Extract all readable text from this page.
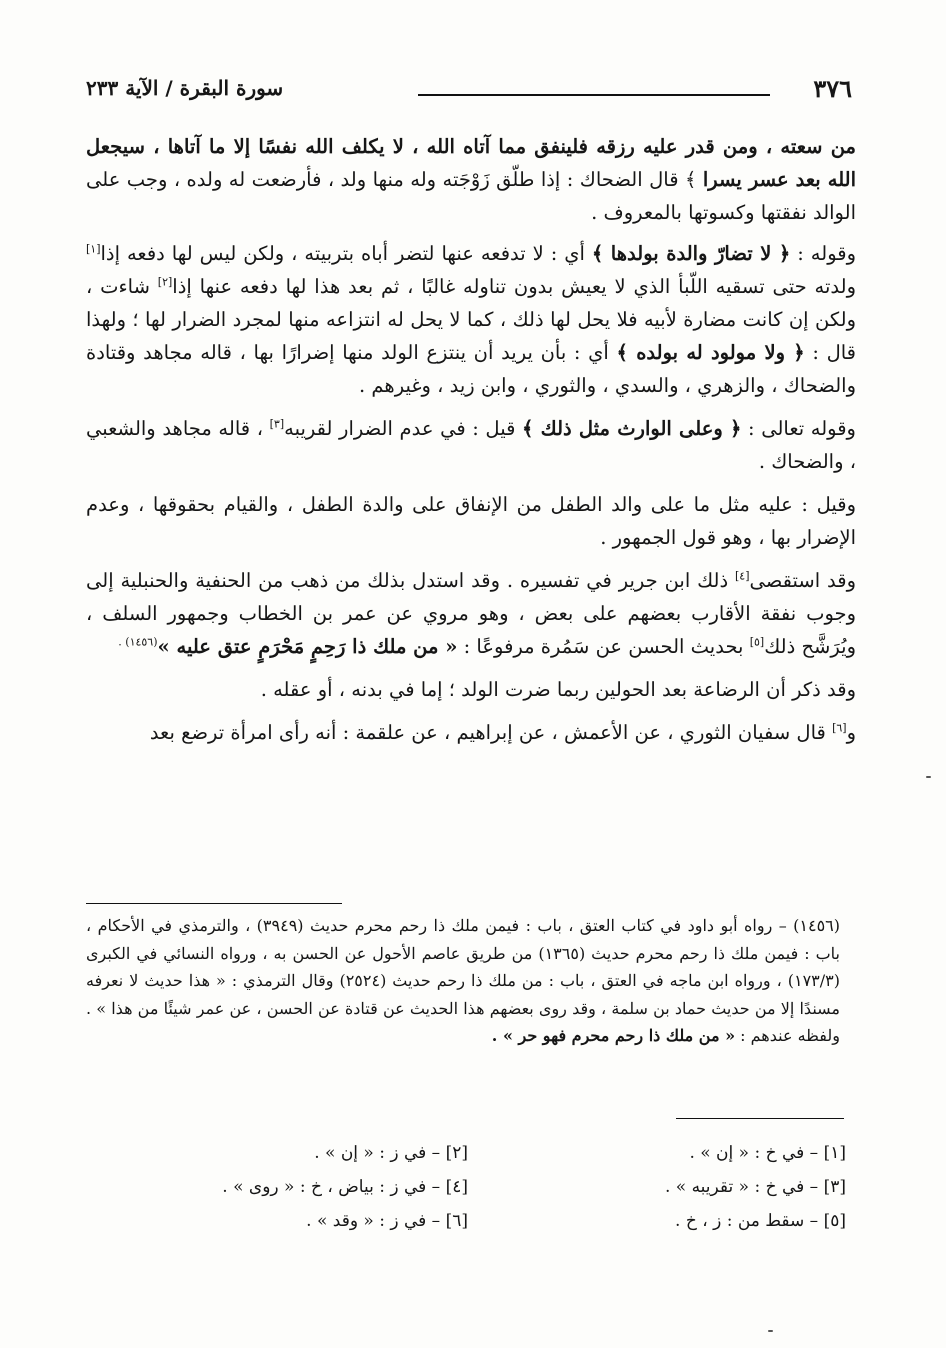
٣٧٦
سورة البقرة / الآية ٢٣٣

من سعته ، ومن قدر عليه رزقه فلينفق مما آتاه الله ، لا يكلف الله نفسًا إلا ما آتاها ، سيجعل الله بعد عسر يسرا ﴾ قال الضحاك : إذا طلّق زَوْجَته وله منها ولد ، فأرضعت له ولده ، وجب على الوالد نفقتها وكسوتها بالمعروف .

وقوله : ﴿ لا تضارّ والدة بولدها ﴾ أي : لا تدفعه عنها لتضر أباه بتربيته ، ولكن ليس لها دفعه إذا[١] ولدته حتى تسقيه اللّبأ الذي لا يعيش بدون تناوله غالبًا ، ثم بعد هذا لها دفعه عنها إذا[٢] شاءت ، ولكن إن كانت مضارة لأبيه فلا يحل لها ذلك ، كما لا يحل له انتزاعه منها لمجرد الضرار لها ؛ ولهذا قال : ﴿ ولا مولود له بولده ﴾ أي : بأن يريد أن ينتزع الولد منها إضرارًا بها ، قاله مجاهد وقتادة والضحاك ، والزهري ، والسدي ، والثوري ، وابن زيد ، وغيرهم .

وقوله تعالى : ﴿ وعلى الوارث مثل ذلك ﴾ قيل : في عدم الضرار لقريبه[٣] ، قاله مجاهد والشعبي ، والضحاك .

وقيل : عليه مثل ما على والد الطفل من الإنفاق على والدة الطفل ، والقيام بحقوقها ، وعدم الإضرار بها ، وهو قول الجمهور .

وقد استقصى[٤] ذلك ابن جرير في تفسيره . وقد استدل بذلك من ذهب من الحنفية والحنبلية إلى وجوب نفقة الأقارب بعضهم على بعض ، وهو مروي عن عمر بن الخطاب وجمهور السلف ، ويُرَشَّح ذلك[٥] بحديث الحسن عن سَمُرة مرفوعًا : « من ملك ذا رَحِمٍ مَحْرَمٍ عتق عليه »$^{(١٤٥٦) .}$

وقد ذكر أن الرضاعة بعد الحولين ربما ضرت الولد ؛ إما في بدنه ، أو عقله .

و[٦] قال سفيان الثوري ، عن الأعمش ، عن إبراهيم ، عن علقمة : أنه رأى امرأة ترضع بعد

(١٤٥٦) – رواه أبو داود في كتاب العتق ، باب : فيمن ملك ذا رحم محرم حديث (٣٩٤٩) ، والترمذي في الأحكام ، باب : فيمن ملك ذا رحم محرم حديث (١٣٦٥) من طريق عاصم الأحول عن الحسن به ، ورواه النسائي في الكبرى (١٧٣/٣) ، ورواه ابن ماجه في العتق ، باب : من ملك ذا رحم حديث (٢٥٢٤) وقال الترمذي : « هذا حديث لا نعرفه مسندًا إلا من حديث حماد بن سلمة ، وقد روى بعضهم هذا الحديث عن قتادة عن الحسن ، عن عمر شيئًا من هذا » . ولفظه عندهم : « من ملك ذا رحم محرم فهو حر » .
[١] – في خ : « إن » .
[٢] – في ز : « إن » .
[٣] – في خ : « تقريبه » .
[٤] – في ز : بياض ، خ : « روى » .
[٥] – سقط من : ز ، خ .
[٦] – في ز : « وقد » .
